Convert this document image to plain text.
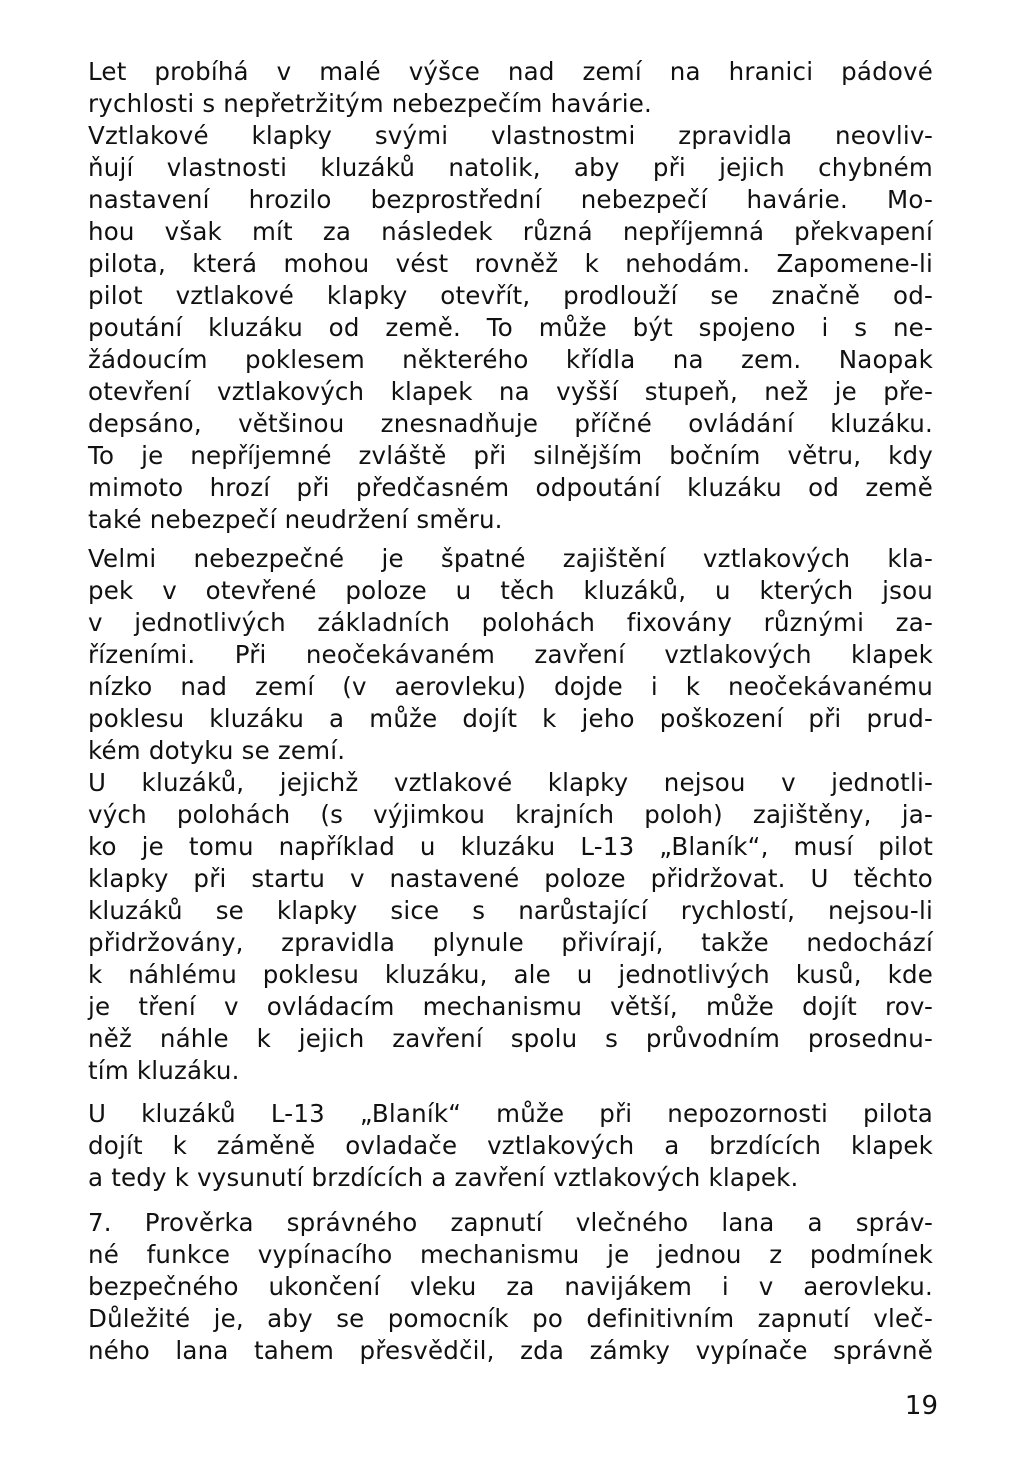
Let probíhá v malé výšce nad zemí na hranici pádové
rychlosti s nepřetržitým nebezpečím havárie.
Vztlakové klapky svými vlastnostmi zpravidla neovliv-
ňují vlastnosti kluzáků natolik, aby při jejich chybném
nastavení hrozilo bezprostřední nebezpečí havárie. Mo-
hou však mít za následek různá nepříjemná překvapení
pilota, která mohou vést rovněž k nehodám. Zapomene-li
pilot vztlakové klapky otevřít, prodlouží se značně od-
poutání kluzáku od země. To může být spojeno i s ne-
žádoucím poklesem některého křídla na zem. Naopak
otevření vztlakových klapek na vyšší stupeň, než je pře-
depsáno, většinou znesnadňuje příčné ovládání kluzáku.
To je nepříjemné zvláště při silnějším bočním větru, kdy
mimoto hrozí při předčasném odpoutání kluzáku od země
také nebezpečí neudržení směru.
Velmi nebezpečné je špatné zajištění vztlakových kla-
pek v otevřené poloze u těch kluzáků, u kterých jsou
v jednotlivých základních polohách fixovány různými za-
řízeními. Při neočekávaném zavření vztlakových klapek
nízko nad zemí (v aerovleku) dojde i k neočekávanému
poklesu kluzáku a může dojít k jeho poškození při prud-
kém dotyku se zemí.
U kluzáků, jejichž vztlakové klapky nejsou v jednotli-
vých polohách (s výjimkou krajních poloh) zajištěny, ja-
ko je tomu například u kluzáku L-13 „Blaník“, musí pilot
klapky při startu v nastavené poloze přidržovat. U těchto
kluzáků se klapky sice s narůstající rychlostí, nejsou-li
přidržovány, zpravidla plynule přivírají, takže nedochází
k náhlému poklesu kluzáku, ale u jednotlivých kusů, kde
je tření v ovládacím mechanismu větší, může dojít rov-
něž náhle k jejich zavření spolu s průvodním prosednu-
tím kluzáku.
U kluzáků L-13 „Blaník“ může při nepozornosti pilota
dojít k záměně ovladače vztlakových a brzdících klapek
a tedy k vysunutí brzdících a zavření vztlakových klapek.
7. Prověrka správného zapnutí vlečného lana a správ-
né funkce vypínacího mechanismu je jednou z podmínek
bezpečného ukončení vleku za navijákem i v aerovleku.
Důležité je, aby se pomocník po definitivním zapnutí vleč-
ného lana tahem přesvědčil, zda zámky vypínače správně
19
